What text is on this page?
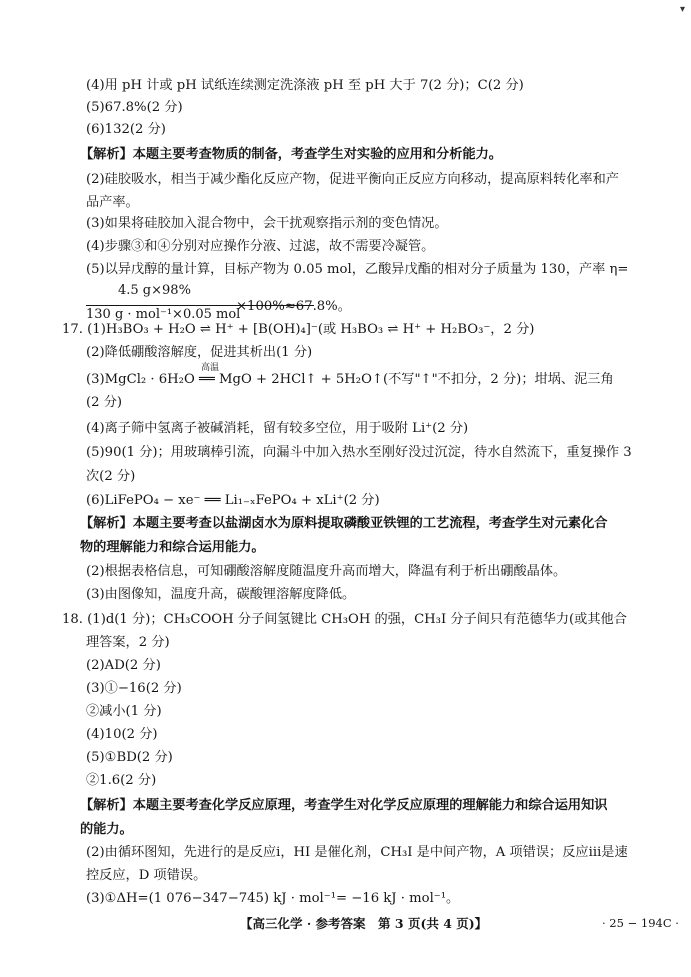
▾
(4)用 pH 计或 pH 试纸连续测定洗涤液 pH 至 pH 大于 7(2 分)；C(2 分)
(5)67.8%(2 分)
(6)132(2 分)
【解析】本题主要考查物质的制备，考查学生对实验的应用和分析能力。
(2)硅胶吸水，相当于减少酯化反应产物，促进平衡向正反应方向移动，提高原料转化率和产
品产率。
(3)如果将硅胶加入混合物中，会干扰观察指示剂的变色情况。
(4)步骤③和④分别对应操作分液、过滤，故不需要冷凝管。
(5)以异戊醇的量计算，目标产物为 0.05 mol，乙酸异戊酯的相对分子质量为 130，产率 η=
4.5 g×98%
130 g · mol⁻¹×0.05 mol
×100%≈67.8%。
17. (1)H₃BO₃ + H₂O ⇌ H⁺ + [B(OH)₄]⁻(或 H₃BO₃ ⇌ H⁺ + H₂BO₃⁻，2 分)
(2)降低硼酸溶解度，促进其析出(1 分)
(3)MgCl₂ · 6H₂O ══ MgO + 2HCl↑ + 5H₂O↑(不写"↑"不扣分，2 分)；坩埚、泥三角
高温
(2 分)
(4)离子筛中氢离子被碱消耗，留有较多空位，用于吸附 Li⁺(2 分)
(5)90(1 分)；用玻璃棒引流，向漏斗中加入热水至刚好没过沉淀，待水自然流下，重复操作 3
次(2 分)
(6)LiFePO₄ − xe⁻ ══ Li₁₋ₓFePO₄ + xLi⁺(2 分)
【解析】本题主要考查以盐湖卤水为原料提取磷酸亚铁锂的工艺流程，考查学生对元素化合
物的理解能力和综合运用能力。
(2)根据表格信息，可知硼酸溶解度随温度升高而增大，降温有利于析出硼酸晶体。
(3)由图像知，温度升高，碳酸锂溶解度降低。
18. (1)d(1 分)；CH₃COOH 分子间氢键比 CH₃OH 的强，CH₃I 分子间只有范德华力(或其他合
理答案，2 分)
(2)AD(2 分)
(3)①−16(2 分)
②减小(1 分)
(4)10(2 分)
(5)①BD(2 分)
②1.6(2 分)
【解析】本题主要考查化学反应原理，考查学生对化学反应原理的理解能力和综合运用知识
的能力。
(2)由循环图知，先进行的是反应ⅰ，HI 是催化剂，CH₃I 是中间产物，A 项错误；反应ⅲ是速
控反应，D 项错误。
(3)①ΔH=(1 076−347−745) kJ · mol⁻¹= −16 kJ · mol⁻¹。
【高三化学 · 参考答案　第 3 页(共 4 页)】	· 25 − 194C ·
